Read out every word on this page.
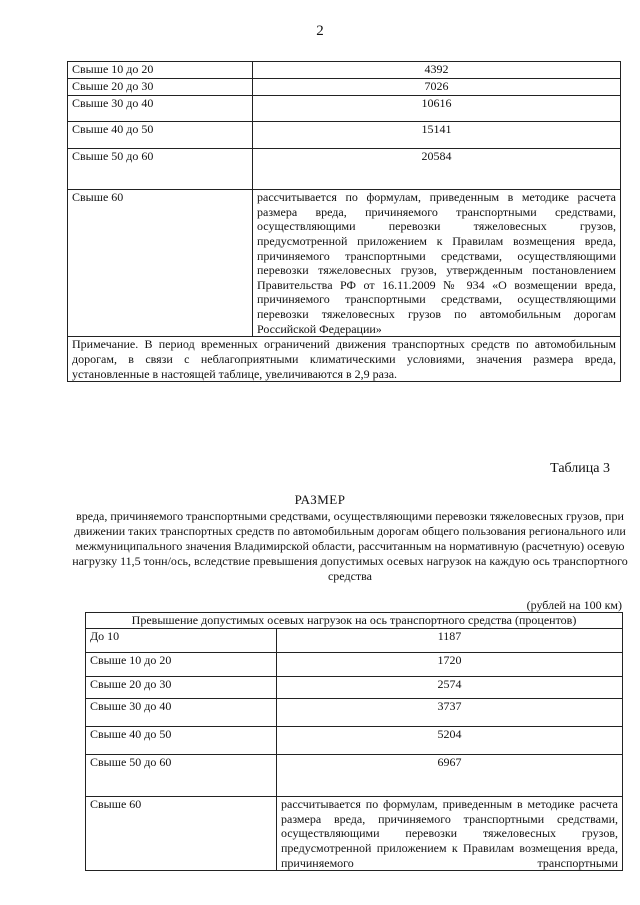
2
Свыше 10 до 20	4392
Свыше 20 до 30	7026
Свыше 30 до 40	10616
Свыше 40 до 50	15141
Свыше 50 до 60	20584
Свыше 60	рассчитывается по формулам, приведенным в методике расчета размера вреда, причиняемого транспортными средствами, осуществляющими перевозки тяжеловесных грузов, предусмотренной приложением к Правилам возмещения вреда, причиняемого транспортными средствами, осуществляющими перевозки тяжеловесных грузов, утвержденным постановлением Правительства РФ от 16.11.2009 № 934 «О возмещении вреда, причиняемого транспортными средствами, осуществляющими перевозки тяжеловесных грузов по автомобильным дорогам Российской Федерации»
Примечание. В период временных ограничений движения транспортных средств по автомобильным дорогам, в связи с неблагоприятными климатическими условиями, значения размера вреда, установленные в настоящей таблице, увеличиваются в 2,9 раза.	
Таблица 3
РАЗМЕР
вреда, причиняемого транспортными средствами, осуществляющими перевозки тяжеловесных грузов, при движении таких транспортных средств по автомобильным дорогам общего пользования регионального или межмуниципального значения Владимирской области, рассчитанным на нормативную (расчетную) осевую нагрузку 11,5 тонн/ось, вследствие превышения допустимых осевых нагрузок на каждую ось транспортного средства
(рублей на 100 км)
Превышение допустимых осевых нагрузок на ось транспортного средства (процентов)	
До 10	1187
Свыше 10 до 20	1720
Свыше 20 до 30	2574
Свыше 30 до 40	3737
Свыше 40 до 50	5204
Свыше 50 до 60	6967
Свыше 60	рассчитывается по формулам, приведенным в методике расчета размера вреда, причиняемого транспортными средствами, осуществляющими перевозки тяжеловесных грузов, предусмотренной приложением к Правилам возмещения вреда, причиняемого транспортными
